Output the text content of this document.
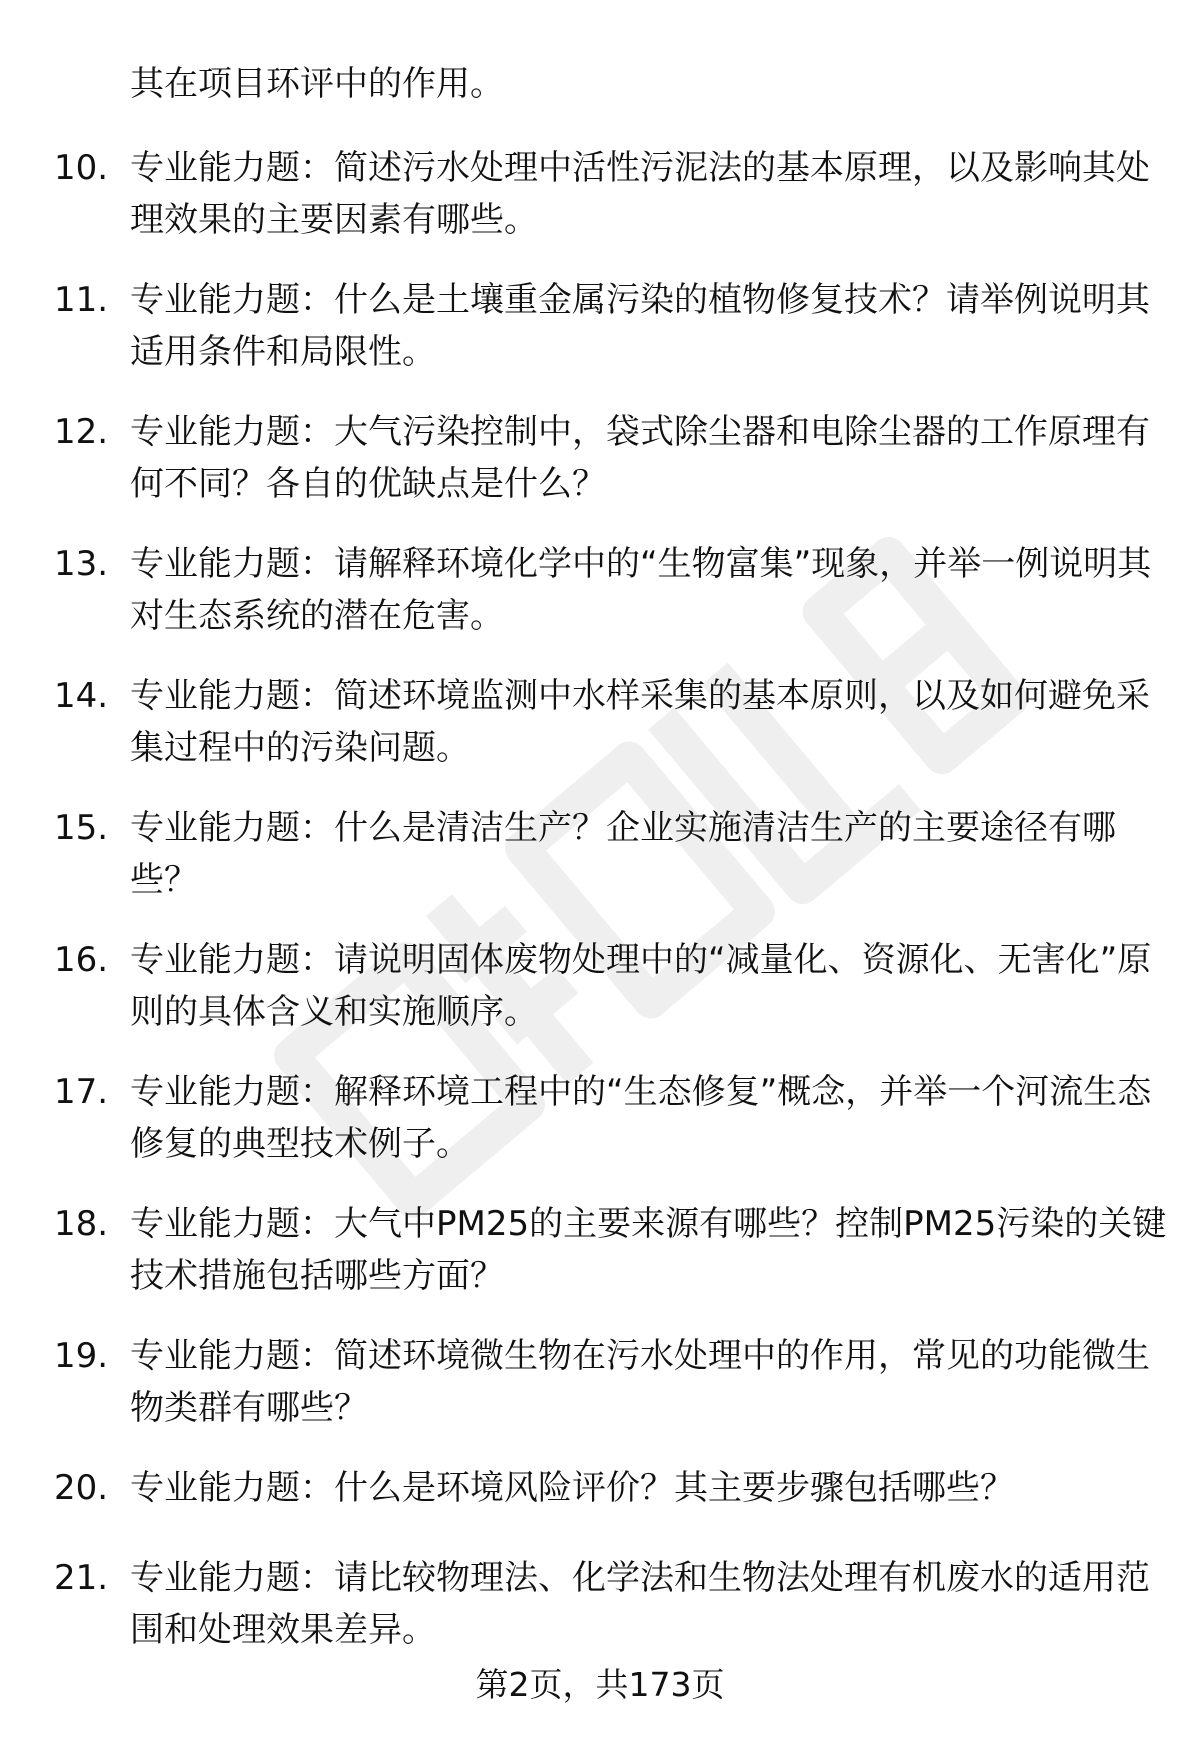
其在项目环评中的作用。

10. 专业能力题：简述污水处理中活性污泥法的基本原理，以及影响其处理效果的主要因素有哪些。

11. 专业能力题：什么是土壤重金属污染的植物修复技术？请举例说明其适用条件和局限性。

12. 专业能力题：大气污染控制中，袋式除尘器和电除尘器的工作原理有何不同？各自的优缺点是什么？

13. 专业能力题：请解释环境化学中的“生物富集”现象，并举一例说明其对生态系统的潜在危害。

14. 专业能力题：简述环境监测中水样采集的基本原则，以及如何避免采集过程中的污染问题。

15. 专业能力题：什么是清洁生产？企业实施清洁生产的主要途径有哪些？

16. 专业能力题：请说明固体废物处理中的“减量化、资源化、无害化”原则的具体含义和实施顺序。

17. 专业能力题：解释环境工程中的“生态修复”概念，并举一个河流生态修复的典型技术例子。

18. 专业能力题：大气中PM25的主要来源有哪些？控制PM25污染的关键技术措施包括哪些方面？

19. 专业能力题：简述环境微生物在污水处理中的作用，常见的功能微生物类群有哪些？

20. 专业能力题：什么是环境风险评价？其主要步骤包括哪些？

21. 专业能力题：请比较物理法、化学法和生物法处理有机废水的适用范围和处理效果差异。

第2页，共173页
